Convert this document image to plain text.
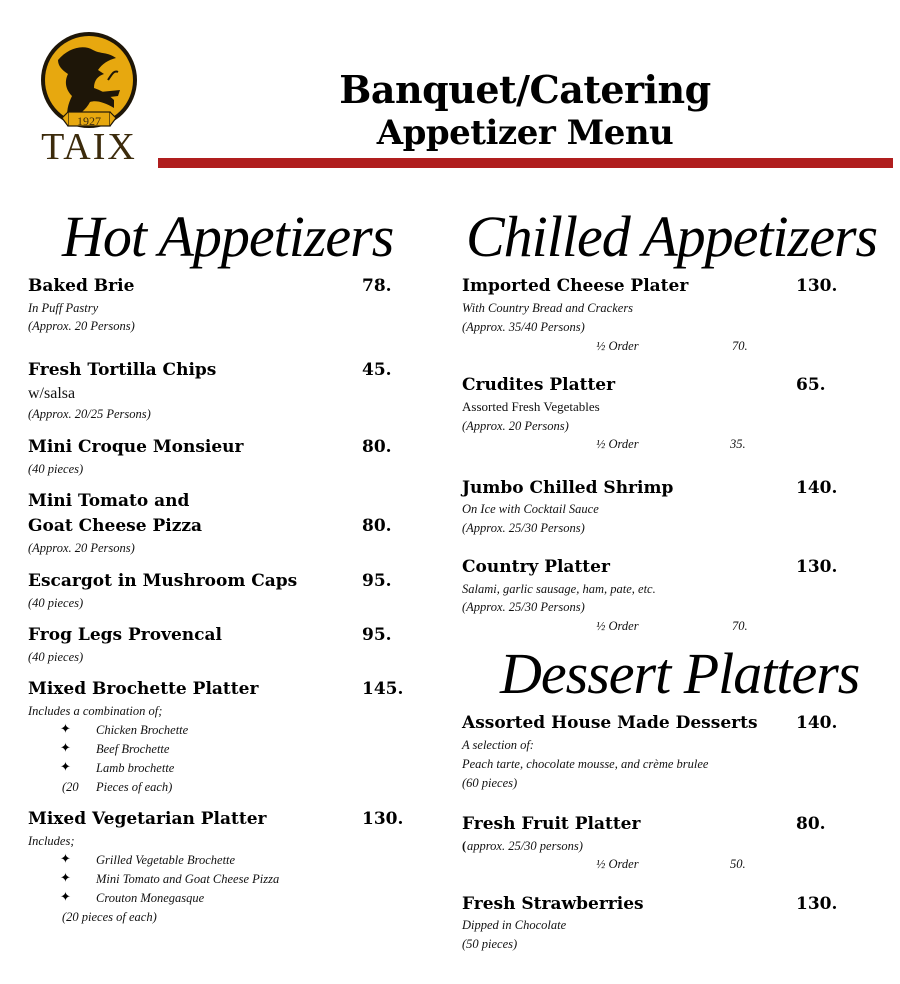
1927
TAIX
Banquet/Catering
Appetizer Menu
Hot Appetizers
Baked Brie	78.
In Puff Pastry
(Approx. 20 Persons)
Fresh Tortilla Chips	45.
w/salsa
(Approx. 20/25 Persons)
Mini Croque Monsieur	80.
(40 pieces)
Mini Tomato and
Goat Cheese Pizza	80.
(Approx. 20 Persons)
Escargot in Mushroom Caps	95.
(40 pieces)
Frog Legs Provencal	95.
(40 pieces)
Mixed Brochette Platter	145.
Includes a combination of;
✦ Chicken Brochette
✦ Beef Brochette
✦ Lamb brochette
(20 Pieces of each)
Mixed Vegetarian Platter	130.
Includes;
✦ Grilled Vegetable Brochette
✦ Mini Tomato and Goat Cheese Pizza
✦ Crouton Monegasque
(20 pieces of each)
Chilled Appetizers
Imported Cheese Plater	130.
With Country Bread and Crackers
(Approx. 35/40 Persons)
½ Order	70.
Crudites Platter	65.
Assorted Fresh Vegetables
(Approx. 20 Persons)
½ Order	35.
Jumbo Chilled Shrimp	140.
On Ice with Cocktail Sauce
(Approx. 25/30 Persons)
Country Platter	130.
Salami, garlic sausage, ham, pate, etc.
(Approx. 25/30 Persons)
½ Order	70.
Dessert Platters
Assorted House Made Desserts 140.
A selection of:
Peach tarte, chocolate mousse, and crème brulee
(60 pieces)
Fresh Fruit Platter	80.
( approx. 25/30 persons)
½ Order	50.
Fresh Strawberries	130.
Dipped in Chocolate
(50 pieces)
